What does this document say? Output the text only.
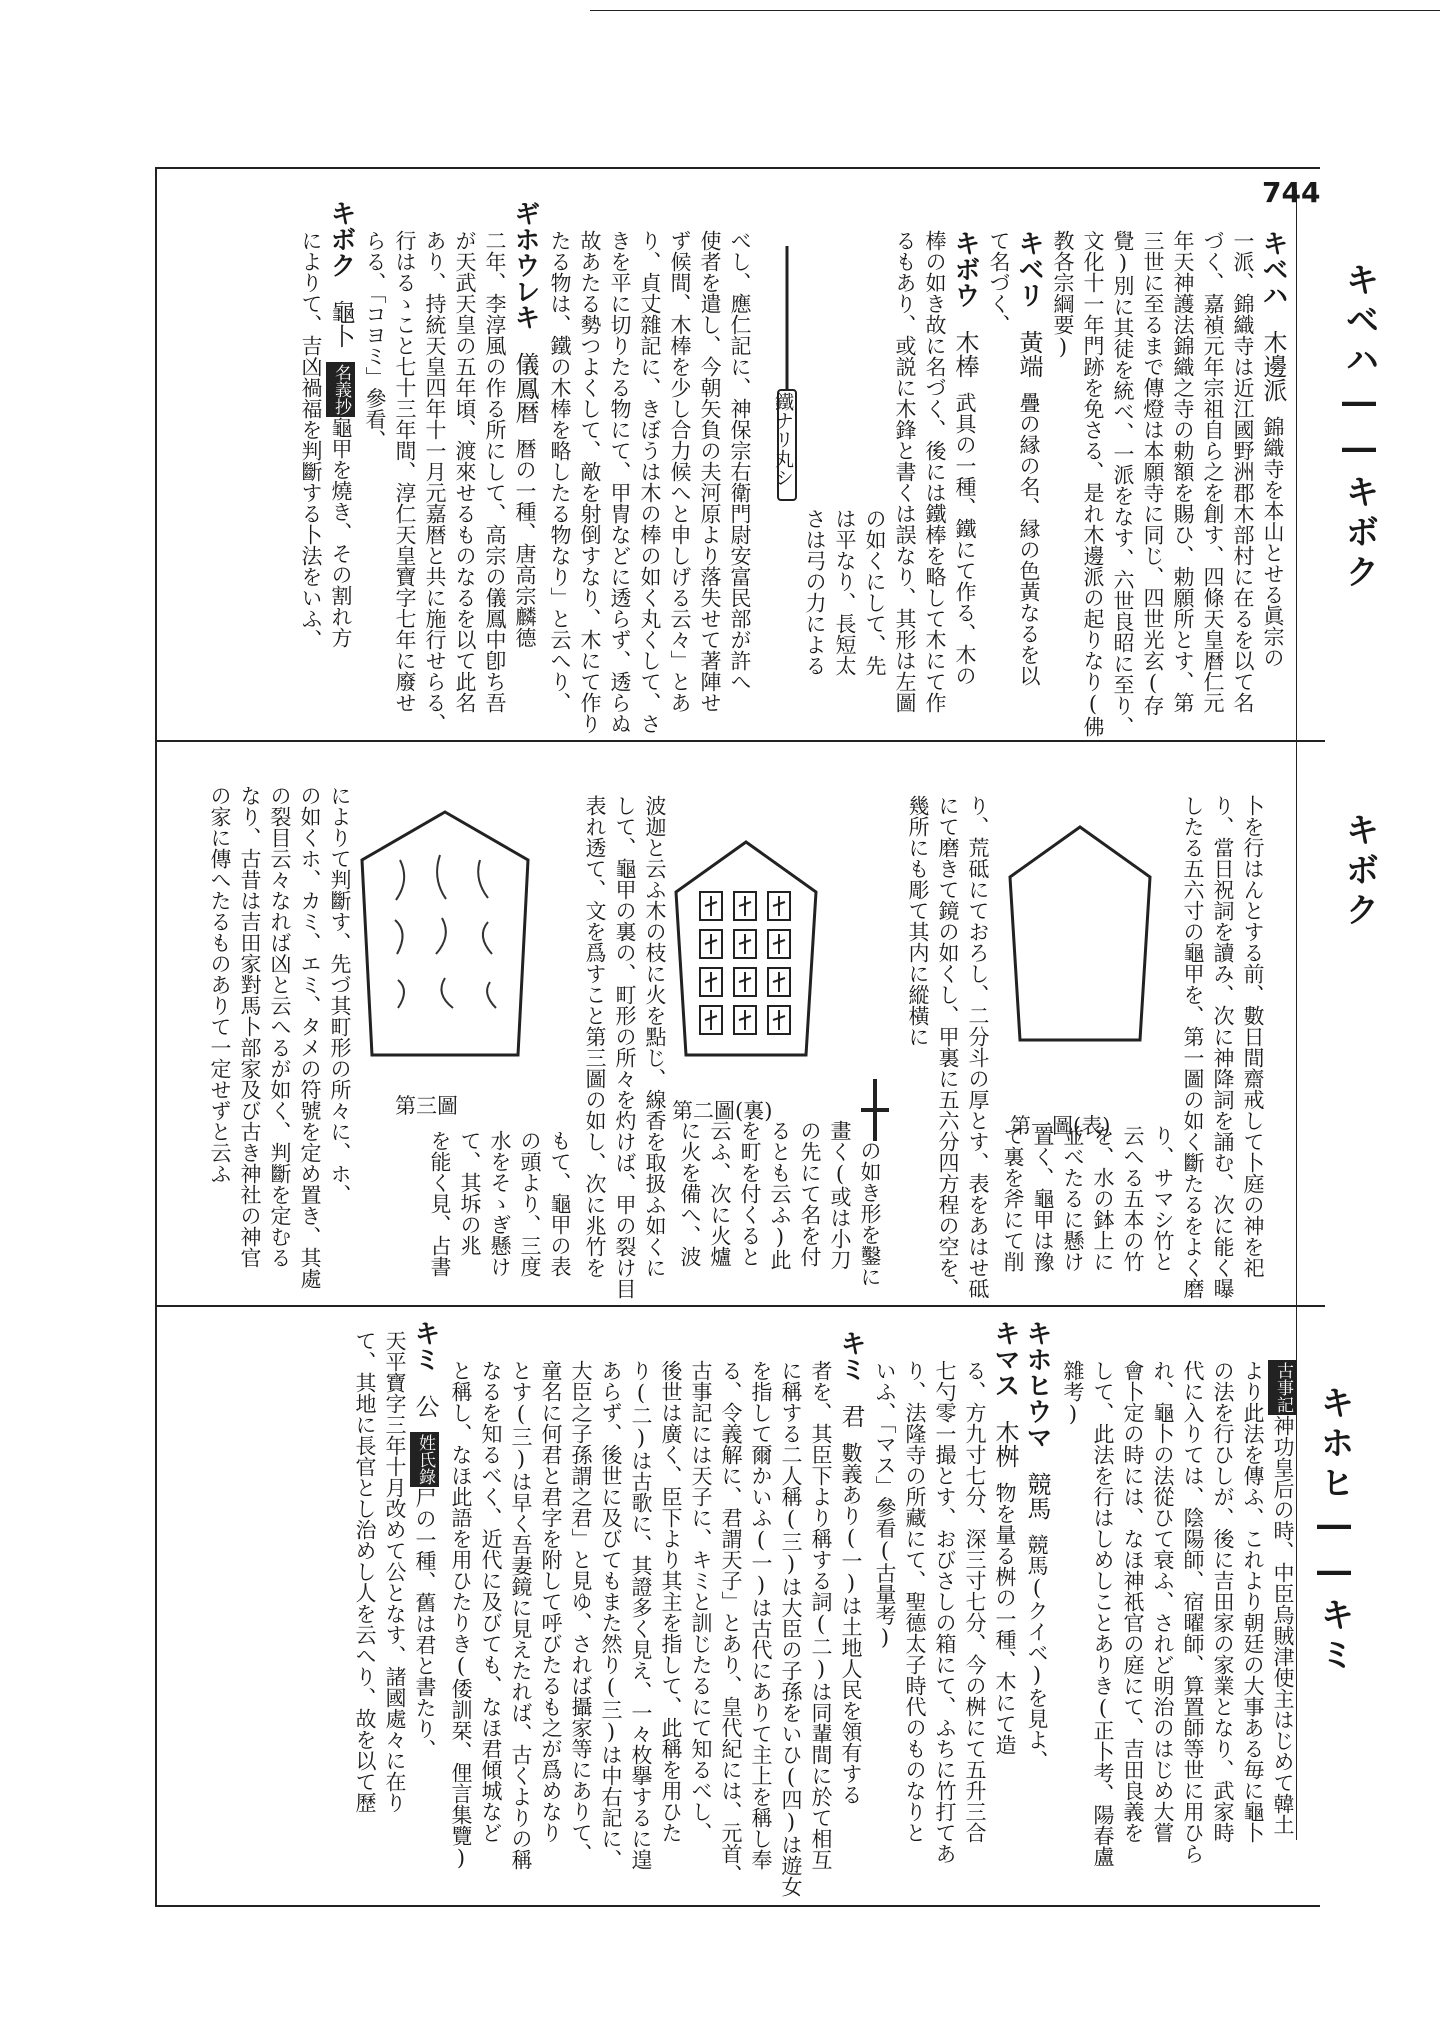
744
キベハ――キボク
キボク
キホヒ――キミ
キベハ木邊派錦織寺を本山とせる眞宗の
一派、錦織寺は近江國野洲郡木部村に在るを以て名
づく、嘉禎元年宗祖自ら之を創す、四條天皇暦仁元
年天神護法錦織之寺の勅額を賜ひ、勅願所とす、第
三世に至るまで傳燈は本願寺に同じ、四世光玄(存
覺)別に其徒を統べ、一派をなす、六世良昭に至り、
文化十一年門跡を免さる、是れ木邊派の起りなり(佛
教各宗綱要)
キベリ黃端疊の縁の名、縁の色黃なるを以
て名づく、
キボウ木棒武具の一種、鐵にて作る、木の
棒の如き故に名づく、後には鐵棒を略して木にて作
るもあり、或説に木鋒と書くは誤なり、其形は左圖
の如くにして、先
は平なり、長短太
さは弓の力による
鐵ナリ丸シ
べし、應仁記に、神保宗右衛門尉安富民部が許へ
使者を遣し、今朝矢負の夫河原より落失せて著陣せ
ず候間、木棒を少し合力候へと申しげる云々」とあ
り、貞丈雜記に、きぼうは木の棒の如く丸くして、さ
きを平に切りたる物にて、甲冑などに透らず、透らぬ
故あたる勢つよくして、敵を射倒すなり、木にて作り
たる物は、鐵の木棒を略したる物なり」と云へり、
ギホウレキ儀鳳暦暦の一種、唐高宗麟德
二年、李淳風の作る所にして、高宗の儀鳳中卽ち吾
が天武天皇の五年頃、渡來せるものなるを以て此名
あり、持統天皇四年十一月元嘉暦と共に施行せらる、
行はるゝこと七十三年間、淳仁天皇寶字七年に廢せ
らる、「コヨミ」參看、
キボク龜卜名義抄龜甲を燒き、その割れ方
によりて、吉凶禍福を判斷する卜法をいふ、
卜を行はんとする前、數日間齋戒して卜庭の神を祀
り、當日祝詞を讀み、次に神降詞を誦む、次に能く曝
したる五六寸の龜甲を、第一圖の如く斷たるをよく磨
第一圖(表) り、サマシ竹と
云へる五本の竹
を、水の鉢上に
並べたるに懸け
置く、龜甲は豫
て裏を斧にて削
り、荒砥にておろし、二分斗の厚とす、表をあはせ砥
にて磨きて鏡の如くし、甲裏に五六分四方程の空を、
幾所にも彫て其内に縱橫に
第二圖(裏)
の如き形を鑿に
畫く(或は小刀
の先にて名を付
るとも云ふ)此
を町を付くると
云ふ、次に火爐
に火を備へ、波
波迦と云ふ木の枝に火を點じ、線香を取扱ふ如くに
して、龜甲の裏の、町形の所々を灼けば、甲の裂け目
表れ透て、文を爲すこと第三圖の如し、次に兆竹を
第三圖
もて、龜甲の表
の頭より、三度
水をそゝぎ懸け
て、其坼の兆
を能く見、占書
によりて判斷す、先づ其町形の所々に、ホ、
の如くホ、カミ、エミ、タメの符號を定め置き、其處
の裂目云々なれば凶と云へるが如く、判斷を定むる
なり、古昔は吉田家對馬卜部家及び古き神社の神官
の家に傳へたるものありて一定せずと云ふ
古事記神功皇后の時、中臣烏賊津使主はじめて韓土
より此法を傳ふ、これより朝廷の大事ある毎に龜卜
の法を行ひしが、後に吉田家の家業となり、武家時
代に入りては、陰陽師、宿曜師、算置師等世に用ひら
れ、龜卜の法從ひて衰ふ、されど明治のはじめ大嘗
會卜定の時には、なほ神祇官の庭にて、吉田良義を
して、此法を行はしめしことありき(正卜考、陽春盧
雜考)
キホヒウマ競馬競馬(クイベ)を見よ、
キマス木桝物を量る桝の一種、木にて造
る、方九寸七分、深三寸七分、今の桝にて五升三合
七勺零一撮とす、おびさしの箱にて、ふちに竹打てあ
り、法隆寺の所藏にて、聖德太子時代のものなりと
いふ、「マス」參看(古量考)
キミ君數義あり(一)は土地人民を領有する
者を、其臣下より稱する詞(二)は同輩間に於て相互
に稱する二人稱(三)は大臣の子孫をいひ(四)は遊女
を指して爾かいふ(一)は古代にありて主上を稱し奉
る、令義解に、君謂天子」とあり、皇代紀には、元首、
古事記には天子に、キミと訓じたるにて知るべし、
後世は廣く、臣下より其主を指して、此稱を用ひた
り(二)は古歌に、其證多く見え、一々枚擧するに遑
あらず、後世に及びてもまた然り(三)は中右記に、
大臣之子孫謂之君」と見ゆ、されば攝家等にありて、
童名に何君と君字を附して呼びたるも之が爲めなり
とす(三)は早く吾妻鏡に見えたれば、古くよりの稱
なるを知るべく、近代に及びても、なほ君傾城など
と稱し、なほ此語を用ひたりき(倭訓栞、俚言集覽)
キミ公姓氏錄尸の一種、舊は君と書たり、
天平寶字三年十月改めて公となす、諸國處々に在り
て、其地に長官とし治めし人を云へり、故を以て歷
